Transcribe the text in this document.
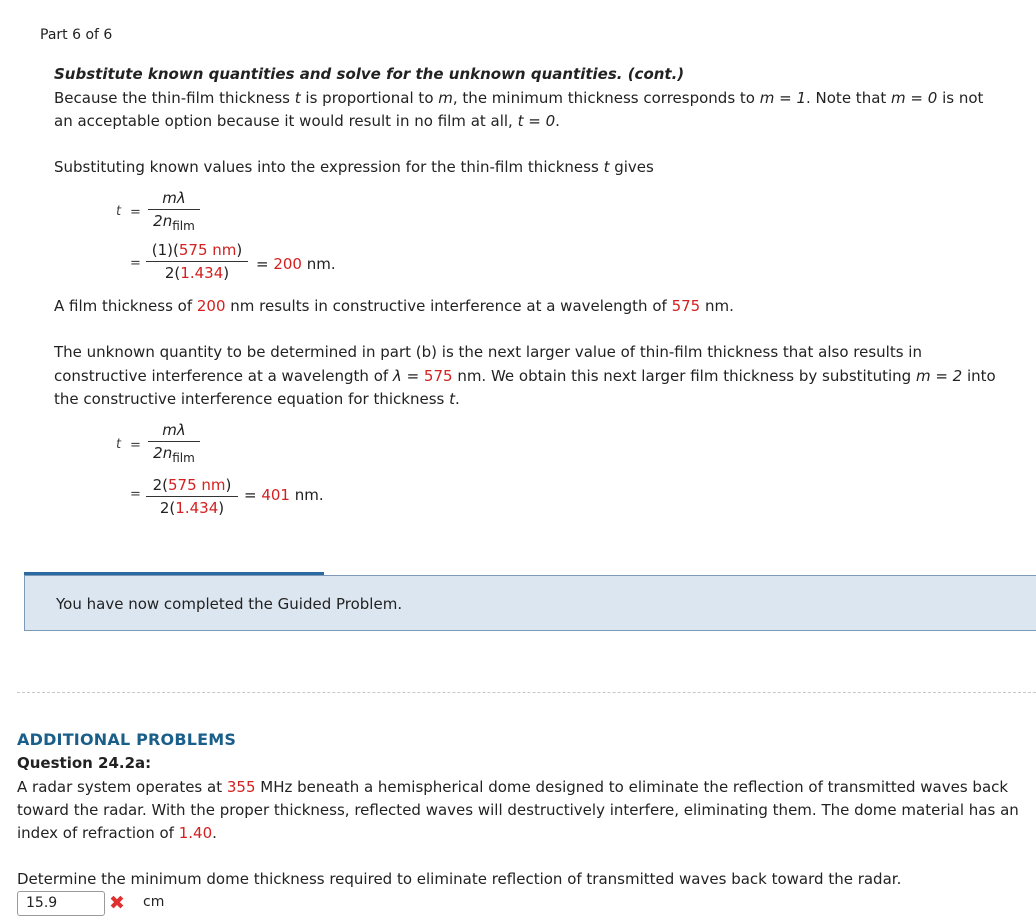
Part 6 of 6
Substitute known quantities and solve for the unknown quantities. (cont.)
Because the thin-film thickness t is proportional to m, the minimum thickness corresponds to m = 1. Note that m = 0 is not
an acceptable option because it would result in no film at all, t = 0.
Substituting known values into the expression for the thin-film thickness t gives
t =
mλ
$2n_{film}$
=
(1)(575 nm)
2(1.434)	= 200 nm.
A film thickness of 200 nm results in constructive interference at a wavelength of 575 nm.
The unknown quantity to be determined in part (b) is the next larger value of thin-film thickness that also results in
constructive interference at a wavelength of λ = 575 nm. We obtain this next larger film thickness by substituting m = 2 into
the constructive interference equation for thickness t.
t =
mλ
$2n_{film}$
=
2(575 nm)
2(1.434)
= 401 nm.
You have now completed the Guided Problem.
ADDITIONAL PROBLEMS
Question 24.2a:
A radar system operates at 355 MHz beneath a hemispherical dome designed to eliminate the reflection of transmitted waves back
toward the radar. With the proper thickness, reflected waves will destructively interfere, eliminating them. The dome material has an
index of refraction of 1.40.
Determine the minimum dome thickness required to eliminate reflection of transmitted waves back toward the radar.
15.9	✖ cm
